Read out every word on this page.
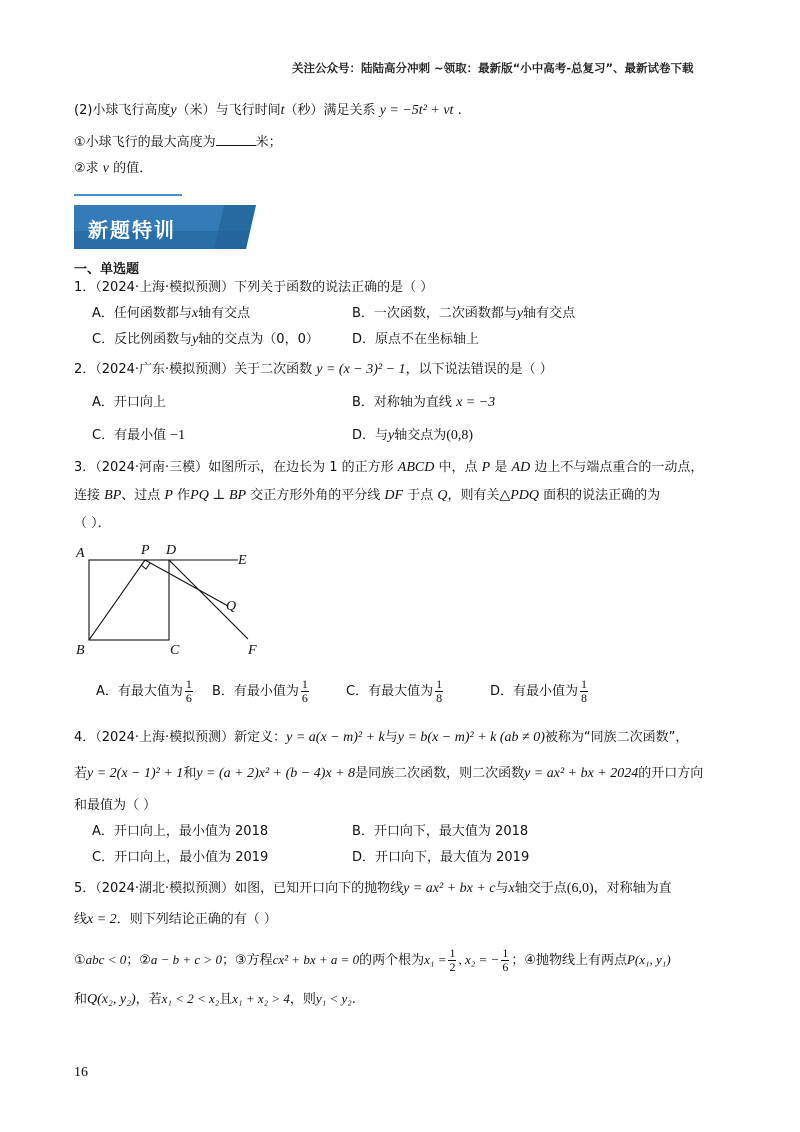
关注公众号：陆陆高分冲刺 ~领取：最新版“小中高考-总复习”、最新试卷下载
(2)小球飞行高度y（米）与飞行时间t（秒）满足关系 y = −5t² + vt .
①小球飞行的最大高度为	米；
②求 v 的值．
新题特训
一、单选题
1．（2024·上海·模拟预测）下列关于函数的说法正确的是（ ）
A．任何函数都与x轴有交点	B．一次函数，二次函数都与y轴有交点
C．反比例函数与y轴的交点为（0，0）	D．原点不在坐标轴上
2．（2024·广东·模拟预测）关于二次函数 y = (x − 3)² − 1，以下说法错误的是（ ）
A．开口向上	B．对称轴为直线 x = −3
C．有最小值 −1	D．与y轴交点为(0,8)
3．（2024·河南·三模）如图所示，在边长为 1 的正方形 ABCD 中，点 P 是 AD 边上不与端点重合的一动点，
连接 BP、过点 P 作PQ ⊥ BP 交正方形外角的平分线 DF 于点 Q，则有关△PDQ 面积的说法正确的为
（ ）．
A	P D
E
Q
B	C	F
A．有最大值为 $\frac{1}{6}$ B．有最小值为 $\frac{1}{6}$	C．有最大值为 $\frac{1}{8}$	D．有最小值为 $\frac{1}{8}$
4．（2024·上海·模拟预测）新定义：y = a(x − m)² + k与y = b(x − m)² + k (ab ≠ 0)被称为“同族二次函数”，
若y = 2(x − 1)² + 1和y = (a + 2)x² + (b − 4)x + 8是同族二次函数，则二次函数y = ax² + bx + 2024的开口方向
和最值为（ ）
A．开口向上，最小值为 2018	B．开口向下，最大值为 2018
C．开口向上，最小值为 2019	D．开口向下，最大值为 2019
5．（2024·湖北·模拟预测）如图，已知开口向下的抛物线y = ax² + bx + c与x轴交于点(6,0)，对称轴为直
线x = 2．则下列结论正确的有（ ）
①abc < 0；②a − b + c > 0；③方程cx² + bx + a = 0的两个根为$x_1 = \frac{1}{2}$ , x₂ = − $\frac{1}{6}$ ；④抛物线上有两点P(x₁, y₁)
和Q(x₂, y₂)，若x₁ < 2 < x₂且x₁ + x₂ > 4，则y₁ < y₂.
16
